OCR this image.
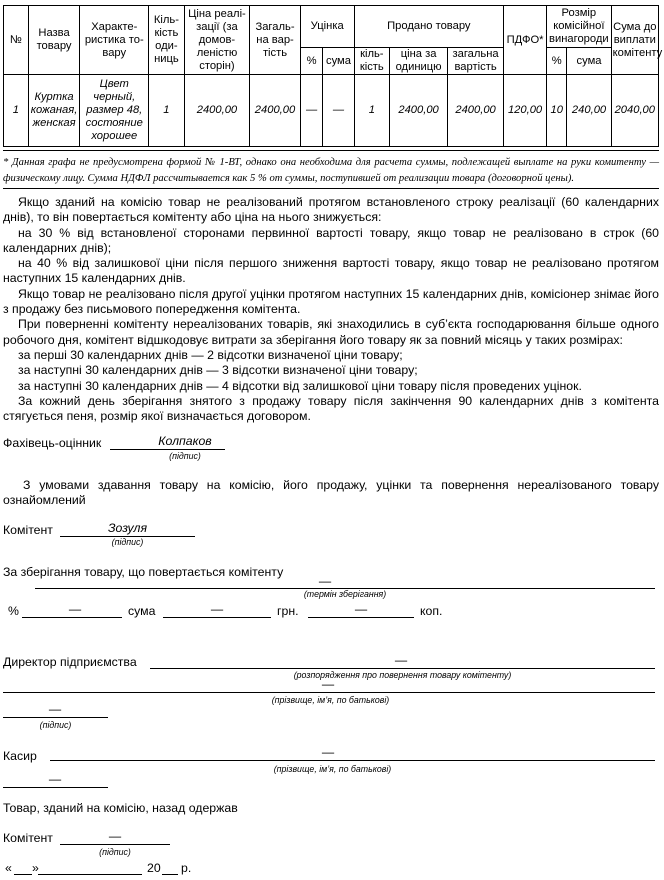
№	Назва товару	Характе-ристика то-вару	Кіль-кість оди-ниць	Ціна реалі-зації (за домов-леністю сторін)	Загаль-на вар-тість	Уцінка		Продано товару			ПДФО*	Розмір комісійної винагороди		Сума до виплати комітенту
						%	сума	кіль-кість	ціна за одиницю	загальна вартість		%	сума	
1	Куртка кожаная, женская	Цвет черный, размер 48, состояние хорошее	1	2400,00	2400,00	—	—	1	2400,00	2400,00	120,00	10	240,00	2040,00
* Данная графа не предусмотрена формой № 1-ВТ, однако она необходима для расчета суммы, подлежащей выплате на руки комитенту — физическому лицу. Сумма НДФЛ рассчитывается как 5 % от суммы, поступившей от реализации товара (договорной цены).

Якщо зданий на комісію товар не реалізований протягом встановленого строку реалізації (60 календарних днів), то він повертається комітенту або ціна на нього знижується:

на 30 % від встановленої сторонами первинної вартості товару, якщо товар не реалізовано в строк (60 календарних днів);

на 40 % від залишкової ціни після першого зниження вартості товару, якщо товар не реалізовано протягом наступних 15 календарних днів.

Якщо товар не реалізовано після другої уцінки протягом наступних 15 календарних днів, комісіонер знімає його з продажу без письмового попередження комітента.

При поверненні комітенту нереалізованих товарів, які знаходились в суб’єкта господарювання більше одного робочого дня, комітент відшкодовує витрати за зберігання його товару як за повний місяць у таких розмірах:

за перші 30 календарних днів — 2 відсотки визначеної ціни товару;

за наступні 30 календарних днів — 3 відсотки визначеної ціни товару;

за наступні 30 календарних днів — 4 відсотки від залишкової ціни товару після проведених уцінок.

За кожний день зберігання знятого з продажу товару після закінчення 90 календарних днів з комітента стягується пеня, розмір якої визначається договором.

Фахівець-оцінник	Колпаков
(підпис)
З умовами здавання товару на комісію, його продажу, уцінки та повернення нереалізованого товару ознайомлений
Комітент	Зозуля
(підпис)
За зберігання товару, що повертається комітенту
—
(термін зберігання)
%	—	сума	—	грн.	—	коп.
Директор підприємства	—
(розпорядження про повернення товару комітенту)
—
(прізвище, ім’я, по батькові)
—
(підпис)
Касир	—
(прізвище, ім’я, по батькові)
—
Товар, зданий на комісію, назад одержав
Комітент	—
(підпис)
« »	20 р.
